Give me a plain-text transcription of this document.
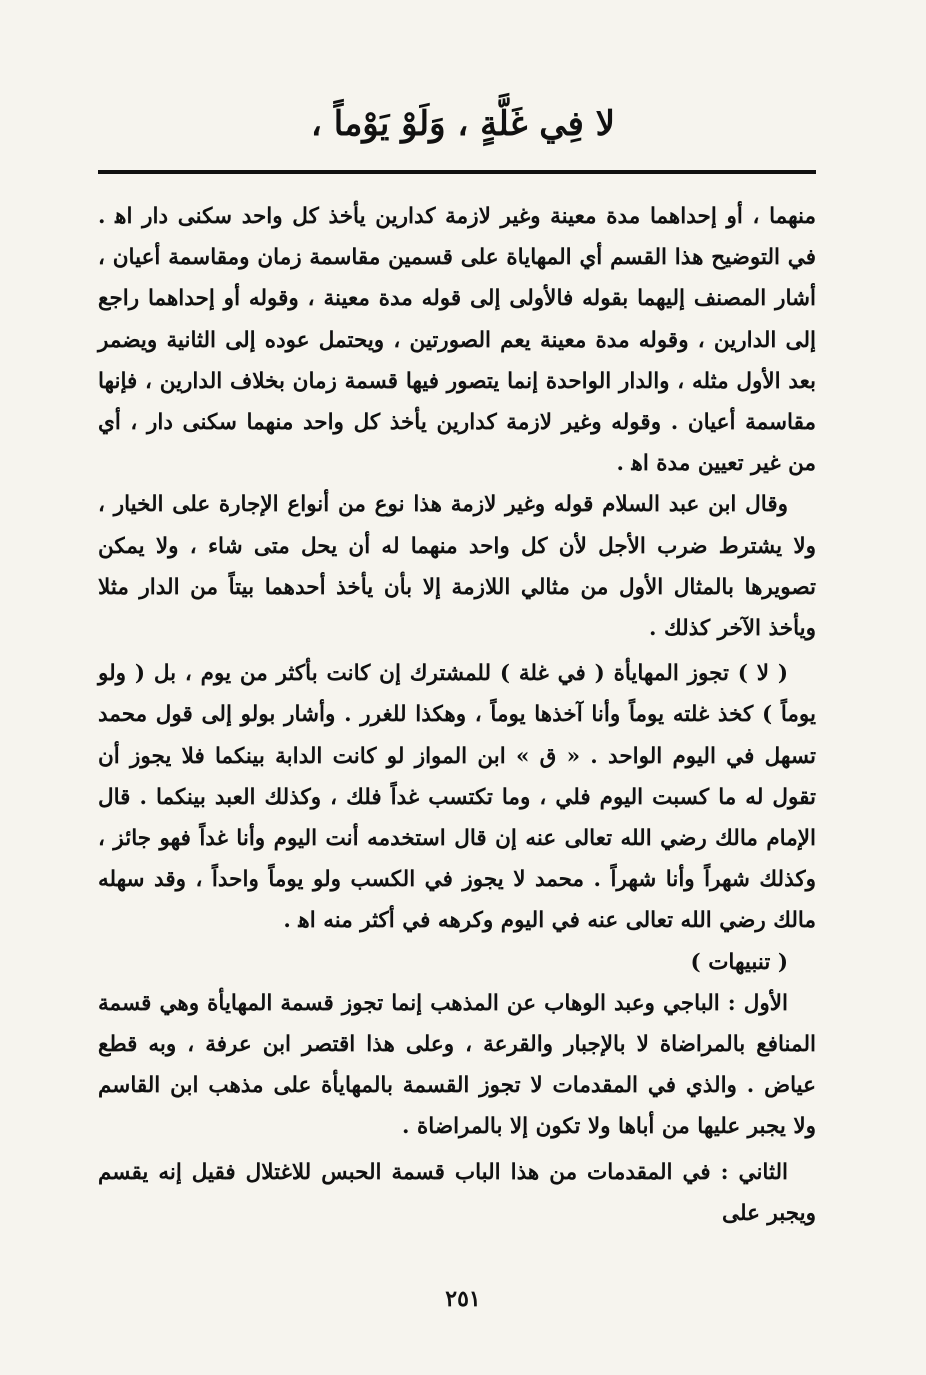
لا فِي غَلَّةٍ ، وَلَوْ يَوْماً ،

منهما ، أو إحداهما مدة معينة وغير لازمة كدارين يأخذ كل واحد سكنى دار اﻫ . في التوضيح هذا القسم أي المهاياة على قسمين مقاسمة زمان ومقاسمة أعيان ، أشار المصنف إليهما بقوله فالأولى إلى قوله مدة معينة ، وقوله أو إحداهما راجع إلى الدارين ، وقوله مدة معينة يعم الصورتين ، ويحتمل عوده إلى الثانية ويضمر بعد الأول مثله ، والدار الواحدة إنما يتصور فيها قسمة زمان بخلاف الدارين ، فإنها مقاسمة أعيان . وقوله وغير لازمة كدارين يأخذ كل واحد منهما سكنى دار ، أي من غير تعيين مدة اﻫ .

وقال ابن عبد السلام قوله وغير لازمة هذا نوع من أنواع الإجارة على الخيار ، ولا يشترط ضرب الأجل لأن كل واحد منهما له أن يحل متى شاء ، ولا يمكن تصويرها بالمثال الأول من مثالي اللازمة إلا بأن يأخذ أحدهما بيتاً من الدار مثلا ويأخذ الآخر كذلك .

( لا ) تجوز المهايأة ( في غلة ) للمشترك إن كانت بأكثر من يوم ، بل ( ولو يوماً ) كخذ غلته يوماً وأنا آخذها يوماً ، وهكذا للغرر . وأشار بولو إلى قول محمد تسهل في اليوم الواحد . « ق » ابن المواز لو كانت الدابة بينكما فلا يجوز أن تقول له ما كسبت اليوم فلي ، وما تكتسب غداً فلك ، وكذلك العبد بينكما . قال الإمام مالك رضي الله تعالى عنه إن قال استخدمه أنت اليوم وأنا غداً فهو جائز ، وكذلك شهراً وأنا شهراً . محمد لا يجوز في الكسب ولو يوماً واحداً ، وقد سهله مالك رضي الله تعالى عنه في اليوم وكرهه في أكثر منه اﻫ .

( تنبيهات )

الأول : الباجي وعبد الوهاب عن المذهب إنما تجوز قسمة المهايأة وهي قسمة المنافع بالمراضاة لا بالإجبار والقرعة ، وعلى هذا اقتصر ابن عرفة ، وبه قطع عياض . والذي في المقدمات لا تجوز القسمة بالمهايأة على مذهب ابن القاسم ولا يجبر عليها من أباها ولا تكون إلا بالمراضاة .

الثاني : في المقدمات من هذا الباب قسمة الحبس للاغتلال فقيل إنه يقسم ويجبر على

٢٥١
